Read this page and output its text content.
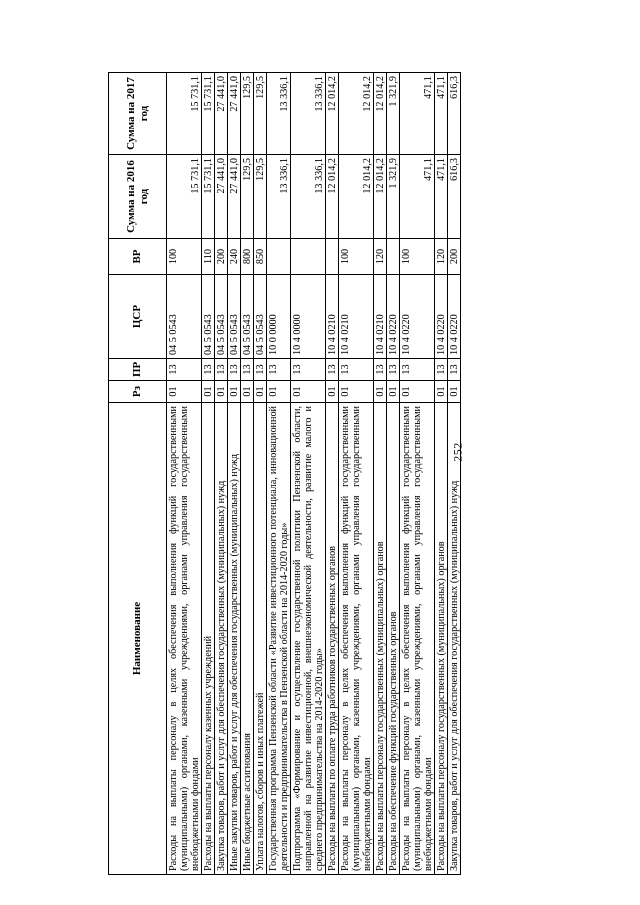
252
Наименование	Рз	ПР	ЦСР	ВР	Сумма на 2016 год	Сумма на 2017 год
Расходы на выплаты персоналу в целях обеспечения выполнения функций государственными (муниципальными) органами, казенными учреждениями, органами управления государственными внебюджетными фондами	01	13	04 5 0543	100	15 731,1	15 731,1
Расходы на выплаты персоналу казенных учреждений	01	13	04 5 0543	110	15 731,1	15 731,1
Закупка товаров, работ и услуг для обеспечения государственных (муниципальных) нужд	01	13	04 5 0543	200	27 441,0	27 441,0
Иные закупки товаров, работ и услуг для обеспечения государственных (муниципальных) нужд	01	13	04 5 0543	240	27 441,0	27 441,0
Иные бюджетные ассигнования	01	13	04 5 0543	800	129,5	129,5
Уплата налогов, сборов и иных платежей	01	13	04 5 0543	850	129,5	129,5
Государственная программа Пензенской области «Развитие инвестиционного потенциала, инновационной деятельности и предпринимательства в Пензенской области на 2014-2020 годы»	01	13	10 0 0000		13 336,1	13 336,1
Подпрограмма «Формирование и осуществление государственной политики Пензенской области, направленной на развитие инвестиционной, внешнеэкономической деятельности, развитие малого и среднего предпринимательства на 2014-2020 годы»	01	13	10 4 0000		13 336,1	13 336,1
Расходы на выплаты по оплате труда работников государственных органов	01	13	10 4 0210		12 014,2	12 014,2
Расходы на выплаты персоналу в целях обеспечения выполнения функций государственными (муниципальными) органами, казенными учреждениями, органами управления государственными внебюджетными фондами	01	13	10 4 0210	100	12 014,2	12 014,2
Расходы на выплаты персоналу государственных (муниципальных) органов	01	13	10 4 0210	120	12 014,2	12 014,2
Расходы на обеспечение функций государственных органов	01	13	10 4 0220		1 321,9	1 321,9
Расходы на выплаты персоналу в целях обеспечения выполнения функций государственными (муниципальными) органами, казенными учреждениями, органами управления государственными внебюджетными фондами	01	13	10 4 0220	100	471,1	471,1
Расходы на выплаты персоналу государственных (муниципальных) органов	01	13	10 4 0220	120	471,1	471,1
Закупка товаров, работ и услуг для обеспечения государственных (муниципальных) нужд	01	13	10 4 0220	200	616,3	616,3
